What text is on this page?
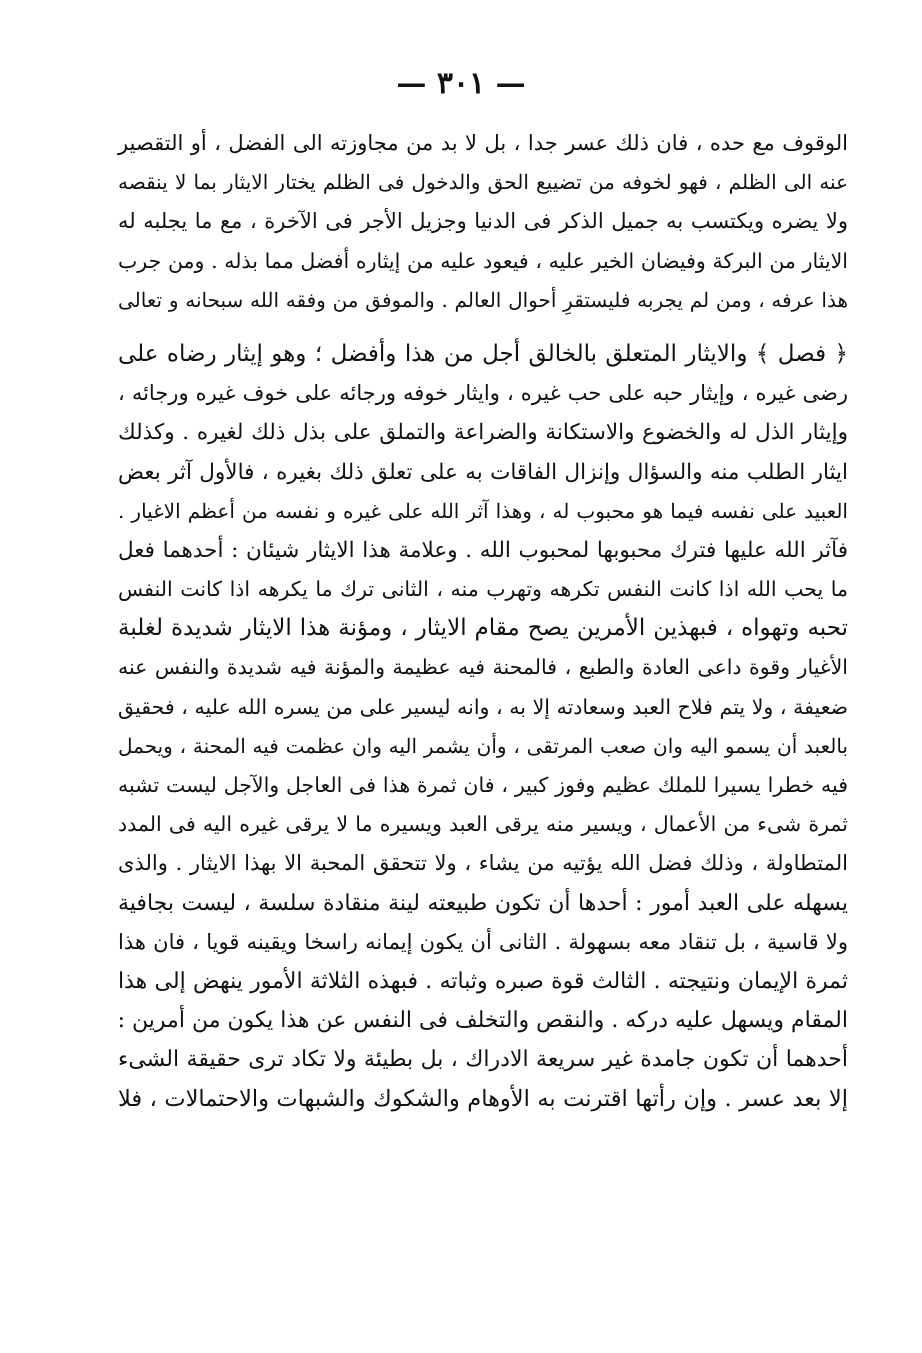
— ٣٠١ —
الوقوف مع حده ، فان ذلك عسر جدا ، بل لا بد من مجاوزته الى الفضل ، أو التقصير
عنه الى الظلم ، فهو لخوفه من تضييع الحق والدخول فى الظلم يختار الايثار بما لا ينقصه
ولا يضره ويكتسب به جميل الذكر فى الدنيا وجزيل الأجر فى الآخرة ، مع ما يجلبه له
الايثار من البركة وفيضان الخير عليه ، فيعود عليه من إيثاره أفضل مما بذله . ومن جرب
هذا عرفه ، ومن لم يجربه فليستقرِ أحوال العالم . والموفق من وفقه الله سبحانه و تعالى
﴿ فصل ﴾ والايثار المتعلق بالخالق أجل من هذا وأفضل ؛ وهو إيثار رضاه على
رضى غيره ، وإيثار حبه على حب غيره ، وايثار خوفه ورجائه على خوف غيره ورجائه ،
وإيثار الذل له والخضوع والاستكانة والضراعة والتملق على بذل ذلك لغيره . وكذلك
ايثار الطلب منه والسؤال وإنزال الفاقات به على تعلق ذلك بغيره ، فالأول آثر بعض
العبيد على نفسه فيما هو محبوب له ، وهذا آثر الله على غيره و نفسه من أعظم الاغيار .
فآثر الله عليها فترك محبوبها لمحبوب الله . وعلامة هذا الايثار شيئان : أحدهما فعل
ما يحب الله اذا كانت النفس تكرهه وتهرب منه ، الثانى ترك ما يكرهه اذا كانت النفس
تحبه وتهواه ، فبهذين الأمرين يصح مقام الايثار ، ومؤنة هذا الايثار شديدة لغلبة
الأغيار وقوة داعى العادة والطبع ، فالمحنة فيه عظيمة والمؤنة فيه شديدة والنفس عنه
ضعيفة ، ولا يتم فلاح العبد وسعادته إلا به ، وانه ليسير على من يسره الله عليه ، فحقيق
بالعبد أن يسمو اليه وان صعب المرتقى ، وأن يشمر اليه وان عظمت فيه المحنة ، ويحمل
فيه خطرا يسيرا للملك عظيم وفوز كبير ، فان ثمرة هذا فى العاجل والآجل ليست تشبه
ثمرة شىء من الأعمال ، ويسير منه يرقى العبد ويسيره ما لا يرقى غيره اليه فى المدد
المتطاولة ، وذلك فضل الله يؤتيه من يشاء ، ولا تتحقق المحبة الا بهذا الايثار . والذى
يسهله على العبد أمور : أحدها أن تكون طبيعته لينة منقادة سلسة ، ليست بجافية
ولا قاسية ، بل تنقاد معه بسهولة . الثانى أن يكون إيمانه راسخا ويقينه قويا ، فان هذا
ثمرة الإيمان ونتيجته . الثالث قوة صبره وثباته . فبهذه الثلاثة الأمور ينهض إلى هذا
المقام ويسهل عليه دركه . والنقص والتخلف فى النفس عن هذا يكون من أمرين :
أحدهما أن تكون جامدة غير سريعة الادراك ، بل بطيئة ولا تكاد ترى حقيقة الشىء
إلا بعد عسر . وإن رأتها اقترنت به الأوهام والشكوك والشبهات والاحتمالات ، فلا
